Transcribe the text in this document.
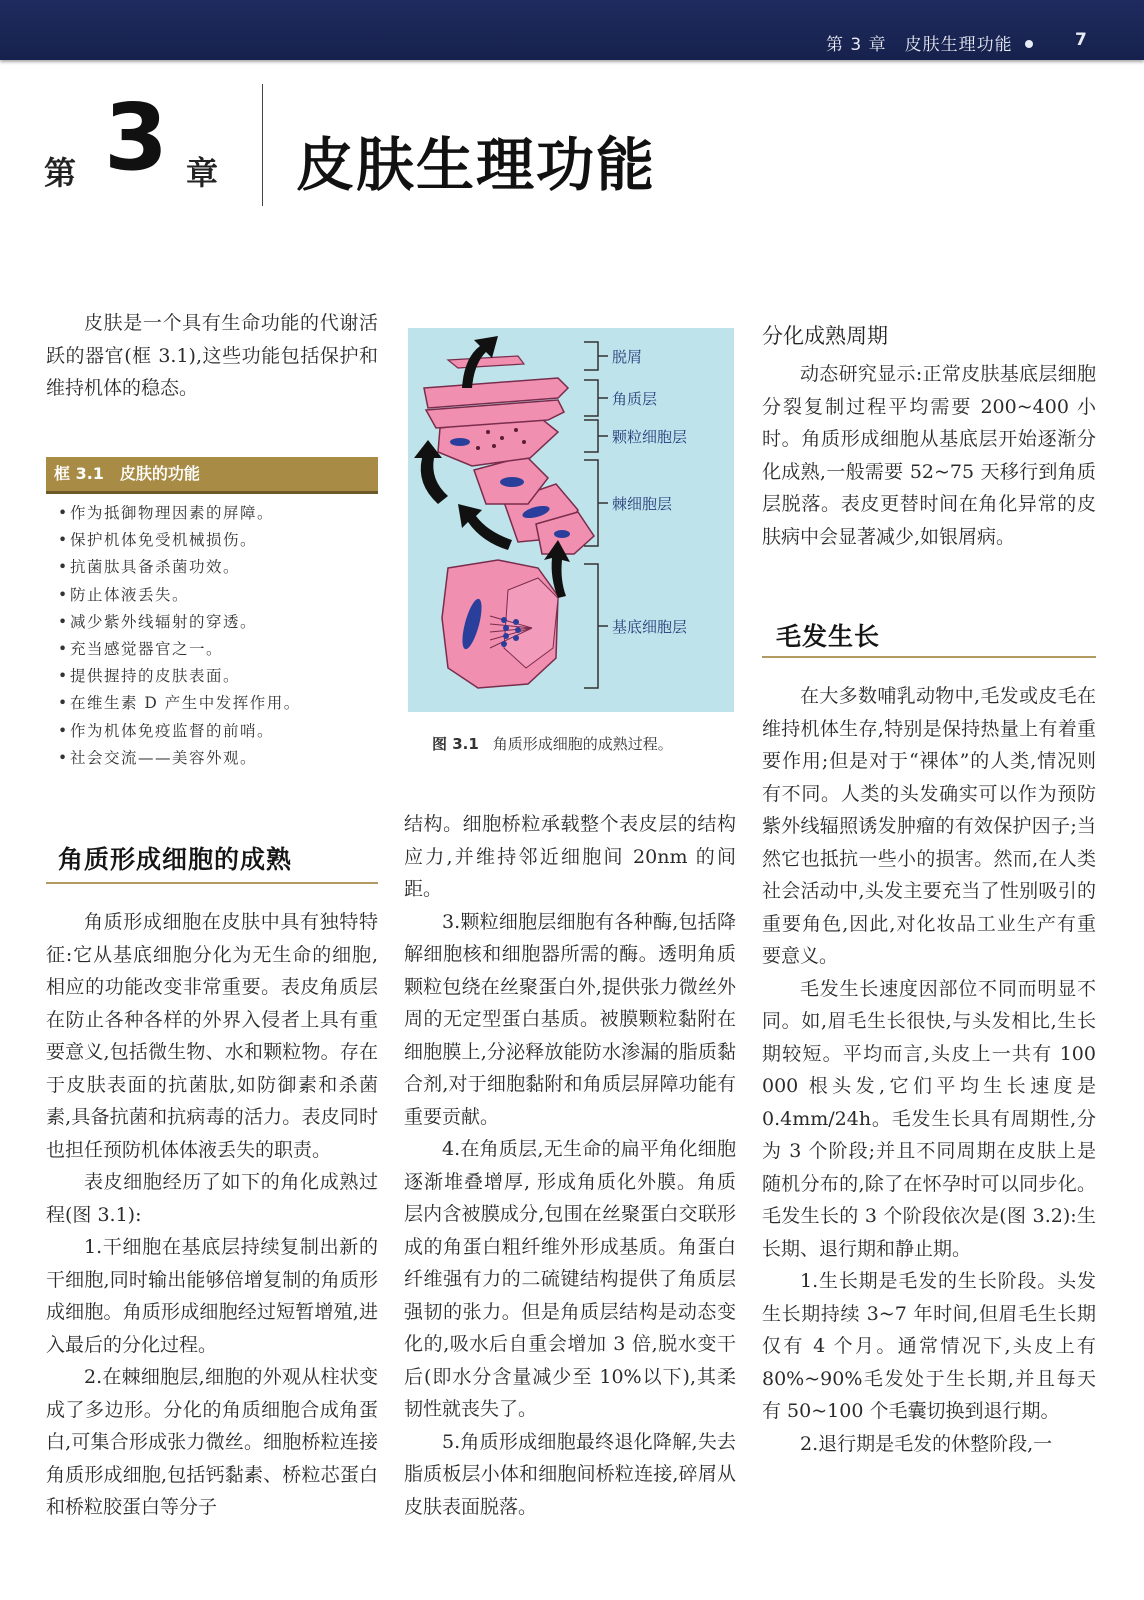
第 3 章　皮肤生理功能	7
第 3 章 皮肤生理功能

皮肤是一个具有生命功能的代谢活跃的器官(框 3.1),这些功能包括保护和维持机体的稳态。

框 3.1　皮肤的功能
• 作为抵御物理因素的屏障。
• 保护机体免受机械损伤。
• 抗菌肽具备杀菌功效。
• 防止体液丢失。
• 减少紫外线辐射的穿透。
• 充当感觉器官之一。
• 提供握持的皮肤表面。
• 在维生素 D 产生中发挥作用。
• 作为机体免疫监督的前哨。
• 社会交流——美容外观。
角质形成细胞的成熟

角质形成细胞在皮肤中具有独特特征:它从基底细胞分化为无生命的细胞,相应的功能改变非常重要。表皮角质层在防止各种各样的外界入侵者上具有重要意义,包括微生物、水和颗粒物。存在于皮肤表面的抗菌肽,如防御素和杀菌素,具备抗菌和抗病毒的活力。表皮同时也担任预防机体体液丢失的职责。

表皮细胞经历了如下的角化成熟过程(图 3.1):

1.干细胞在基底层持续复制出新的干细胞,同时输出能够倍增复制的角质形成细胞。角质形成细胞经过短暂增殖,进入最后的分化过程。

2.在棘细胞层,细胞的外观从柱状变成了多边形。分化的角质细胞合成角蛋白,可集合形成张力微丝。细胞桥粒连接角质形成细胞,包括钙黏素、桥粒芯蛋白和桥粒胶蛋白等分子

脱屑
角质层
颗粒细胞层
棘细胞层
基底细胞层
图 3.1 角质形成细胞的成熟过程。

结构。细胞桥粒承载整个表皮层的结构应力,并维持邻近细胞间 20nm 的间距。

3.颗粒细胞层细胞有各种酶,包括降解细胞核和细胞器所需的酶。透明角质颗粒包绕在丝聚蛋白外,提供张力微丝外周的无定型蛋白基质。被膜颗粒黏附在细胞膜上,分泌释放能防水渗漏的脂质黏合剂,对于细胞黏附和角质层屏障功能有重要贡献。

4.在角质层,无生命的扁平角化细胞逐渐堆叠增厚, 形成角质化外膜。角质层内含被膜成分,包围在丝聚蛋白交联形成的角蛋白粗纤维外形成基质。角蛋白纤维强有力的二硫键结构提供了角质层强韧的张力。但是角质层结构是动态变化的,吸水后自重会增加 3 倍,脱水变干后(即水分含量减少至 10%以下),其柔韧性就丧失了。

5.角质形成细胞最终退化降解,失去脂质板层小体和细胞间桥粒连接,碎屑从皮肤表面脱落。

分化成熟周期

动态研究显示:正常皮肤基底层细胞分裂复制过程平均需要 200~400 小时。角质形成细胞从基底层开始逐渐分化成熟,一般需要 52~75 天移行到角质层脱落。表皮更替时间在角化异常的皮肤病中会显著减少,如银屑病。

毛发生长

在大多数哺乳动物中,毛发或皮毛在维持机体生存,特别是保持热量上有着重要作用;但是对于“裸体”的人类,情况则有不同。人类的头发确实可以作为预防紫外线辐照诱发肿瘤的有效保护因子;当然它也抵抗一些小的损害。然而,在人类社会活动中,头发主要充当了性别吸引的重要角色,因此,对化妆品工业生产有重要意义。

毛发生长速度因部位不同而明显不同。如,眉毛生长很快,与头发相比,生长期较短。平均而言,头皮上一共有 100 000 根头发,它们平均生长速度是 0.4mm/24h。毛发生长具有周期性,分为 3 个阶段;并且不同周期在皮肤上是随机分布的,除了在怀孕时可以同步化。毛发生长的 3 个阶段依次是(图 3.2):生长期、退行期和静止期。

1.生长期是毛发的生长阶段。头发生长期持续 3~7 年时间,但眉毛生长期仅有 4 个月。通常情况下,头皮上有 80%~90%毛发处于生长期,并且每天有 50~100 个毛囊切换到退行期。

2.退行期是毛发的休整阶段,一
